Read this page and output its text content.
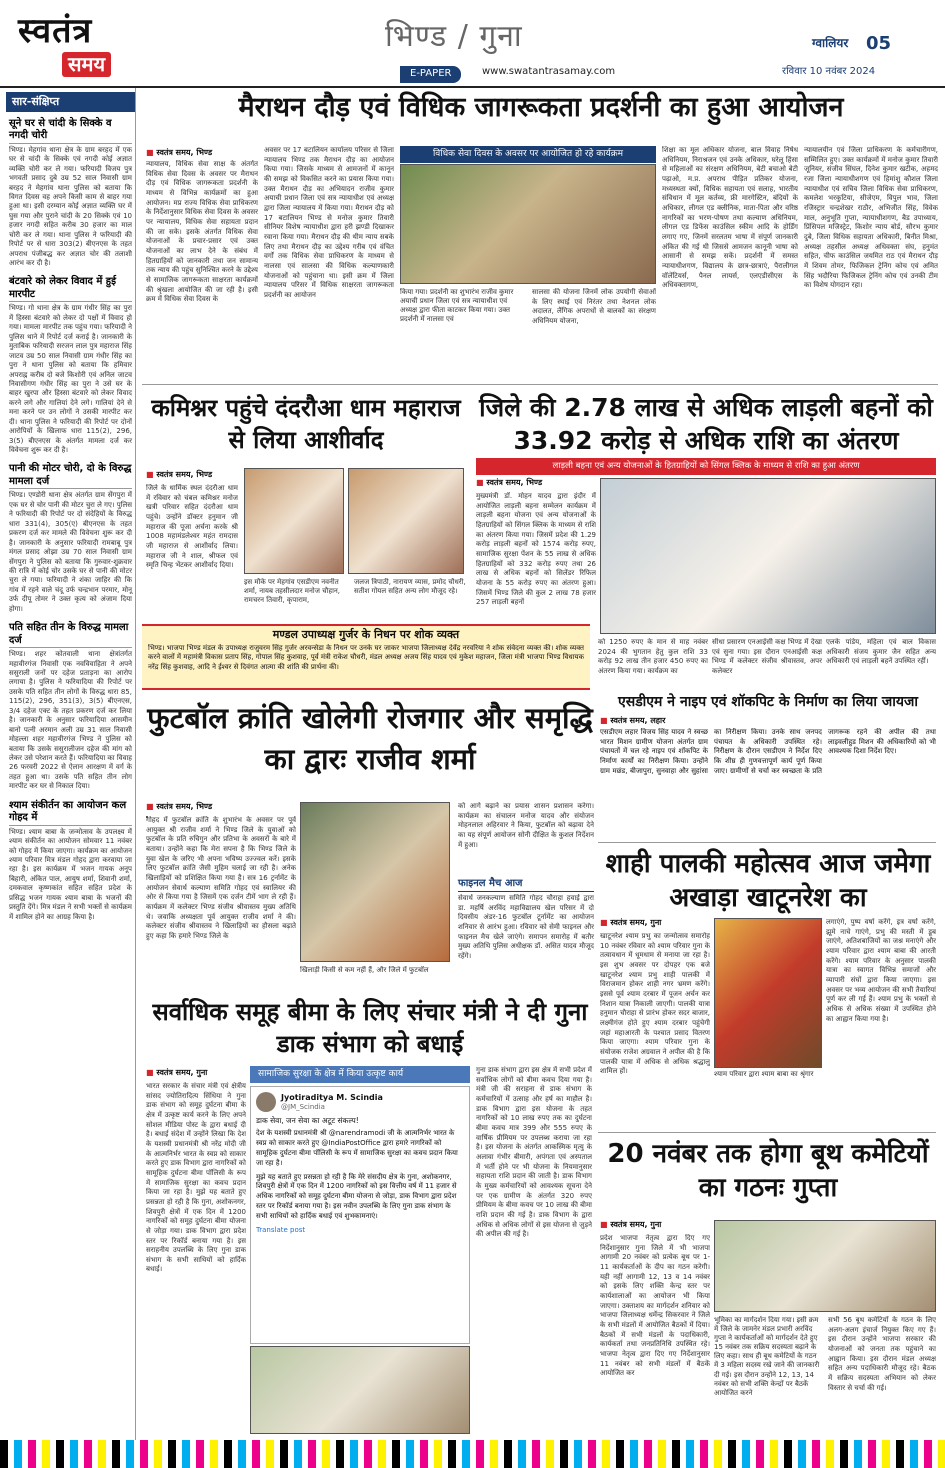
स्वतंत्र
समय
भिण्ड / गुना
E-PAPER	www.swatantrasamay.com
ग्वालियर 05
रविवार 10 नवंबर 2024
सार-संक्षिप्त
सूने घर से चांदी के सिक्के व नगदी चोरी
भिण्ड। मेहगांव थाना क्षेत्र के ग्राम बरहद में एक घर से चांदी के सिक्के एवं नगदी कोई अज्ञात व्यक्ति चोरी कर ले गया। फरियादी विजय पुत्र भगवती प्रसाद दुबे उम्र 52 साल निवासी ग्राम बरहद ने मेहगांव थाना पुलिस को बताया कि विगत दिवस वह अपने किसी काम से बाहर गया हुआ था। इसी दरम्यान कोई अज्ञात व्यक्ति घर में घुस गया और पुराने चांदी के 20 सिक्के एवं 10 हजार नगदी सहित करीब 30 हजार का माल चोरी कर ले गया। थाना पुलिस ने फरियादी की रिपोर्ट पर से धारा 303(2) बीएनएस के तहत अपराध पंजीबद्ध कर अज्ञात चोर की तलाशी आरंभ कर दी है।
बंटवारे को लेकर विवाद में हुई मारपीट
भिण्ड। गो थाना क्षेत्र के ग्राम गंधीर सिंह का पुरा में हिस्सा बंटवारे को लेकर दो पक्षों में विवाद हो गया। मामला मारपीट तक पहुंच गया। फरियादी ने पुलिस थाने में रिपोर्ट दर्ज कराई है। जानकारी के मुताबिक फरियादी सरजन लाल पुत्र महाराज सिंह जाटव उम्र 50 साल निवासी ग्राम गंधीर सिंह का पुरा ने थाना पुलिस को बताया कि हमिवार अपराह्न करीब दो बजे किशोरी एवं अनिल जाटव निवासीगण गंधीर सिंह का पुरा ने उसे घर के बाहर खुरपा और हिस्सा बंटवारे को लेकर विवाद करने लगे और गालियां देने लगे। गालियां देने से मना करने पर उन लोगों ने उसकी मारपीट कर दी। थाना पुलिस ने फरियादी की रिपोर्ट पर दोनों आरोपियों के खिलाफ धारा 115(2), 296, 3(5) बीएनएस के अंतर्गत मामला दर्ज कर विवेचना शुरू कर दी है।
पानी की मोटर चोरी, दो के विरुद्ध मामला दर्ज
भिण्ड। एण्डोरी थाना क्षेत्र अंतर्गत ग्राम सेंगपुरा में एक घर से चोर पानी की मोटर चुरा ले गए। पुलिस ने फरियादी की रिपोर्ट पर दो संदेहियों के विरुद्ध धारा 331(4), 305(ए) बीएनएस के तहत प्रकरण दर्ज कर मामले की विवेचना शुरू कर दी है। जानकारी के अनुसार फरियादी रामबाबू पुत्र मंगल प्रसाद ओझा उम्र 70 साल निवासी ग्राम सेंगपुरा ने पुलिस को बताया कि गुरुवार-शुक्रवार की रात्रि में कोई चोर उसके घर से पानी की मोटर चुरा ले गया। फरियादी ने शंका जाहिर की कि गांव में रहने वाले चंदू उर्फ चन्द्रभान परमार, मोनू उर्फ दीपू तोमर ने उक्त कृत्य को अंजाम दिया होगा।
पति सहित तीन के विरुद्ध मामला दर्ज
भिण्ड। शहर कोतवाली थाना क्षेत्रांतर्गत महावीरगंज निवासी एक नवविवाहिता ने अपने ससुराली जनों पर दहेज प्रताड़ना का आरोप लगाया है। पुलिस ने फरियादिया की रिपोर्ट पर उसके पति सहित तीन लोगों के विरुद्ध धारा 85, 115(2), 296, 351(3), 3(5) बीएनएस, 3/4 दहेज एक्ट के तहत प्रकरण दर्ज कर लिया है। जानकारी के अनुसार फरियादिया आसमीन बानो पत्नी अरमान अली उम्र 31 साल निवासी मोहल्ला शहर महावीरगंज भिण्ड ने पुलिस को बताया कि उसके ससुरालीजन दहेज की मांग को लेकर उसे परेशान करते हैं। फरियादिया का विवाह 26 फरवरी 2022 से ऐलान आरक्षण में वर्ग के तहत हुआ था। उसके पति सहित तीन लोग मारपीट कर घर से निकाल दिया।
श्याम संकीर्तन का आयोजन कल गोहद में
भिण्ड। श्याम बाबा के जन्मोत्सव के उपलक्ष्य में श्याम संकीर्तन का आयोजन सोमवार 11 नवंबर को गोहद में किया जाएगा। कार्यक्रम का आयोजन श्याम परिवार मित्र मंडल गोहद द्वारा करवाया जा रहा है। इस कार्यक्रम में भजन गायक अनूप बिहारी, अंकित पाल, आयुष शर्मा, शिवानी शर्मा, दमकवाल कृष्णकांत सहित सहित प्रदेश के प्रसिद्ध भजन गायक श्याम बाबा के भजनों की प्रस्तुति देंगे। मित्र मंडल ने सभी भक्तों से कार्यक्रम में शामिल होने का आग्रह किया है।
मैराथन दौड़ एवं विधिक जागरूकता प्रदर्शनी का हुआ आयोजन
■ स्वतंत्र समय, भिण्ड
न्यायालय, विधिक सेवा साक्ष के अंतर्गत विधिक सेवा दिवस के अवसर पर मैराथन दौड़ एवं विधिक जागरूकता प्रदर्शनी के माध्यम से विभिन्न कार्यक्रमों का हुआ आयोजन। मप्र राज्य विधिक सेवा प्राधिकरण के निर्देशानुसार विधिक सेवा दिवस के अवसर पर न्यायालय, विधिक सेवा सहायता प्रदान की जा सके। इसके अंतर्गत विधिक सेवा योजनाओं के प्रचार-प्रसार एवं उक्त योजनाओं का लाभ देने के संबंध में हितग्राहियों को जानकारी तथा जन सामान्य तक न्याय की पहुंच सुनिश्चित करने के उद्देश्य से सामाजिक जागरूकता साक्षरता कार्यक्रमों की श्रृंखला आयोजित की जा रही है। इसी क्रम में विधिक सेवा दिवस के
अवसर पर 17 बटालियन कार्यालय परिसर से जिला न्यायालय भिण्ड तक मैराथन दौड़ का आयोजन किया गया। जिसके माध्यम से आमजनों में कानून की समझ को विकसित करने का प्रयास किया गया। उक्त मैराथन दौड़ का अभियादन राजीव कुमार अयाची प्रधान जिला एवं सत्र न्यायाधीश एवं अध्यक्ष द्वारा जिला न्यायालय में किया गया। मैराथन दौड़ को 17 बटालियन भिण्ड से मनोज कुमार तिवारी सीनियर विशेष न्यायाधीश द्वारा हरी झण्डी दिखाकर रवाना किया गया। मैराथन दौड़ की थीम न्याय सबके लिए तथा मैराथन दौड़ का उद्देश्य गरीब एवं वंचित वर्गों तक विधिक सेवा प्राधिकरण के माध्यम से नालसा एवं सालसा की विधिक कल्याणकारी योजनाओं को पहुंचाना था। इसी क्रम में जिला न्यायालय परिसर में विधिक साक्षरता जागरूकता प्रदर्शनी का आयोजन
विधिक सेवा दिवस के अवसर पर आयोजित हो रहे कार्यक्रम
किया गया। प्रदर्शनी का शुभारंभ राजीव कुमार अयाची प्रधान जिला एवं सत्र न्यायाधीश एवं अध्यक्ष द्वारा फीता काटकर किया गया। उक्त प्रदर्शनी में नालसा एवं
सालसा की योजना जिनमें लोक उपयोगी सेवाओं के लिए स्थाई एवं निरंतर तथा नेशनल लोक अदालत, लैंगिक अपराधों से बालकों का संरक्षण अधिनियम योजना,
शिक्षा का मूल अधिकार योजना, बाल विवाह निषेध अधिनियम, निराश्रजन एवं उनके अधिकार, घरेलू हिंसा से महिलाओं का संरक्षण अधिनियम, बेटी बचाओ बेटी पढ़ाओ, म.प्र. अपराध पीड़ित प्रतिकर योजना, मध्यस्थता क्यों, विधिक सहायता एवं सलाह, भारतीय संविधान में मूल कर्तव्य, फ्री मारगेस्टिन, बंदियों के अधिकार, लीगल एड क्लीनिक, माता-पिता और वरिष्ठ नागरिकों का भरण-पोषण तथा कल्याण अधिनियम, लीगल एड डिफेंस काउंसिल स्कीम आदि के होर्डिंग लगाए गए, जिनमें सरलतम भाषा में संपूर्ण जानकारी अंकित की गई थी जिससे आमजन कानूनी भाषा को आसानी से समझ सकें। प्रदर्शनी में समस्त न्यायाधीशगण, विद्यालय के छात्र-छात्राएं, पैरालीगल वॉलेंटियर्स, पैनल लायर्स, एलएडीसीएस के अधिवक्तागण,
न्यायालयीन एवं जिला प्राधिकरण के कर्मचारीगण, सम्मिलित हुए। उक्त कार्यक्रमों में मनोज कुमार तिवारी जूनियर, संजीव सिंघल, दिनेश कुमार खटीक, अहमद रजा जिला न्यायाधीशगण एवं हिमांशु कौशल जिला न्यायाधीश एवं सचिव जिला विधिक सेवा प्राधिकरण, कमलेश भरकुटिया, सीजेएम, विपुल भाव, जिला रजिस्ट्रार चन्द्रशेखर राठौर, अभिजीत सिंह, विवेक माल, अनुभूति गुप्ता, न्यायाधीशगण, बैड उपाध्याय, प्रिंसिपल मजिस्ट्रेट, किशोर न्याय बोर्ड, सौरभ कुमार दुबे, जिला विधिक सहायता अधिकारी, बिनीत मिश्रा, अध्यक्ष तहसील अध्यक्ष अधिवक्ता संघ, हनुमंत सहित, चीफ काउंसिल जयमित राठ एवं मैराथन दौड़ में शिवम तोमर, फिजिकल ट्रेनिंग कोच एवं अमित सिंह भदौरिया फिजिकल ट्रेनिंग कोच एवं उनकी टीम का विशेष योगदान रहा।
कमिश्नर पहुंचे दंदरौआ धाम महाराज से लिया आशीर्वाद
■ स्वतंत्र समय, भिण्ड
जिले के धार्मिक स्थल दंदरौआ धाम में रविवार को चंबल कमिश्नर मनोज खत्री परिवार सहित दंदरौआ धाम पहुंचे। उन्होंने डॉक्टर हनुमान जी महाराज की पूजा अर्चना करके श्री 1008 महामंडलेश्वर महंत रामदास जी महाराज से आशीर्वाद लिया। महाराज जी ने शाल, श्रीफल एवं स्मृति चिन्ह भेंटकर आशीर्वाद दिया।
इस मौके पर मेहगांव एसडीएम नवनीत शर्मा, नायब तहसीलदार मनोज चौहान, रामचरन तिवारी, कृपाराम,
जलज त्रिपाठी, नारायण व्यास, प्रमोद चौधरी, सतीश गोयल सहित अन्य लोग मौजूद रहे।
जिले की 2.78 लाख से अधिक लाड़ली बहनों को 33.92 करोड़ से अधिक राशि का अंतरण
लाड़ली बहना एवं अन्य योजनाओं के हितग्राहियों को सिंगल क्लिक के माध्यम से राशि का हुआ अंतरण
■ स्वतंत्र समय, भिण्ड
मुख्यमंत्री डॉ. मोहन यादव द्वारा इंदौर में आयोजित लाड़ली बहना सम्मेलन कार्यक्रम में लाड़ली बहना योजना एवं अन्य योजनाओं के हितग्राहियों को सिंगल क्लिक के माध्यम से राशि का अंतरण किया गया। जिसमें प्रदेश की 1.29 करोड़ लाड़ली बहनों को 1574 करोड़ रुपए, सामाजिक सुरक्षा पेंशन के 55 लाख से अधिक हितग्राहियों को 332 करोड़ रुपए तथा 26 लाख से अधिक बहनों को सिलेंडर रिफिल योजना के 55 करोड़ रुपए का अंतरण हुआ। जिसमें भिण्ड जिले की कुल 2 लाख 78 हजार 257 लाड़ली बहनों
को 1250 रुपए के मान से माह नवंबर 2024 की भुगतान हेतु कुल राशि 33 करोड़ 92 लाख तीन हजार 450 रुपए का अंतरण किया गया। कार्यक्रम का
सीधा प्रसारण एनआईसी कक्ष भिण्ड में देखा एवं सुना गया। इस दौरान एनआईसी कक्ष भिण्ड में कलेक्टर संजीव श्रीवास्तव, अपर कलेक्टर
एलके पांडेय, महिला एवं बाल विकास अधिकारी संजय कुमार जैन सहित अन्य अधिकारी एवं लाड़ली बहनें उपस्थित रहीं।
मण्डल उपाध्यक्ष गुर्जर के निधन पर शोक व्यक्त
भिण्ड। भाजपा भिण्ड मंडल के उपाध्यक्ष राजुवरम सिंह गुर्जर अरवन्सेडा के निधन पर उनके घर जाकर भाजपा जिलाध्यक्ष देवेंद्र नरवरिया ने शोक संवेदना व्यक्त की। शोक व्यक्त करने वालों में महामंत्री विकास प्रताप सिंह, गोपाल सिंह कुशवाह, पूर्व मंत्री राकेश चौधरी, मंडल अध्यक्ष अजय सिंह यादव एवं मुकेश महाजन, जिला मंत्री भाजपा भिण्ड विधायक नरेंद्र सिंह कुशवाह, आदि ने ईश्वर से दिवंगत आत्मा की शांति की प्रार्थना की।
फुटबॉल क्रांति खोलेगी रोजगार और समृद्धि का द्वारः राजीव शर्मा
■ स्वतंत्र समय, भिण्ड
गोहद में फुटबॉल क्रांति के शुभारंभ के अवसर पर पूर्व आयुक्त श्री राजीव शर्मा ने भिण्ड जिले के युवाओं को फुटबॉल के प्रति रुचिगुन और प्रतिभा के अवसरों के बारे में बताया। उन्होंने कहा कि मेरा सपना है कि भिण्ड जिले के युवा खेल के जरिए भी अपना भविष्य उज्ज्वल करें। इसके लिए फुटबॉल क्रांति जैसी मुहिम चलाई जा रही है। अनेक खिलाड़ियों को प्रशिक्षित किया गया है। सत्र 16 ट्रर्नामेंट के आयोजन सेवार्थ कल्याण समिति गोहद एवं स्वालियर की ओर से किया गया है जिसमें एक दर्जन टीमें भाग ले रही हैं। कार्यक्रम में कलेक्टर भिण्ड संजीव श्रीवास्तव मुख्य अतिथि थे। जवाकि अध्यक्षता पूर्व आयुक्त राजीव शर्मा ने की। कलेक्टर संजीव श्रीवास्तव ने खिलाड़ियों का हौसला बढ़ाते हुए कहा कि हमारे भिण्ड जिले के
खिलाड़ी किसी से कम नहीं हैं, और जिले में फुटबॉल
को आगे बढ़ाने का प्रयास शासन प्रशासन करेगा। कार्यक्रम का संचालन मनोज यादव और संयोजन मोहनलाल अहिरवार ने किया, फुटबॉल को बढ़ावा देने का यह संपूर्ण आयोजन सोनी दीक्षित के कुशल निर्देशन में हुआ।
फाइनल मैच आज
सेवार्थ जनकल्याण समिति गोहद चौराहा हवाई द्वारा डा. महर्षि अरविंद महाविद्यालय खेल परिसर में दो दिवसीय अंडर-16 फुटबॉल टूर्नामेंट का आयोजन शनिवार से आरंभ हुआ। रविवार को सेमी फाइनल और फाइनल मैच खेले जाएंगे। समापन समारोह में बतौर मुख्य अतिथि पुलिस अधीक्षक डॉ. असित यादव मौजूद रहेंगे।
एसडीएम ने नाइप एवं शॉकपिट के निर्माण का लिया जायजा
■ स्वतंत्र समय, लहार
एसडीएम लहार विजय सिंह यादव ने स्वच्छ भारत मिशन ग्रामीण योजना अंतर्गत ग्राम पंचायतों में चल रहे नाइप एवं शॉकपिट के निर्माण कार्यों का निरीक्षण किया। उन्होंने ग्राम मछंड, बीजापुरा, सुनवाहा और सुहांसा का निरीक्षण किया। उनके साथ जनपद पंचायत के अधिकारी उपस्थित रहे। निरीक्षण के दौरान एसडीएम ने निर्देश दिए कि शीघ्र ही गुणवत्तापूर्ण कार्य पूर्ण किया जाए। ग्रामीणों से चर्चा कर स्वच्छता के प्रति जागरूक रहने की अपील की तथा लाइवलीहुड मिशन की अधिकारियों को भी आवश्यक दिशा निर्देश दिए।
शाही पालकी महोत्सव आज जमेगा अखाड़ा खाटूनरेश का
■ स्वतंत्र समय, गुना
खाटूनरेश श्याम प्रभु का जन्मोत्सव समारोह 10 नवंबर रविवार को श्याम परिवार गुना के तत्वावधान में धूमधाम से मनाया जा रहा है। इस शुभ अवसर पर दोपहर एक बजे खाटूनरेश श्याम प्रभु शाही पालकी में विराजमान होकर शाही नगर भ्रमण करेंगे। इससे पूर्व श्याम दरबार में पूजन अर्चन कर निशान यात्रा निकाली जाएगी। पालकी यात्रा हनुमान चौराहा से प्रारंभ होकर सदर बाजार, लक्ष्मीगंज होते हुए श्याम दरबार पहुंचेगी जहां महाआरती के पश्चात प्रसाद वितरण किया जाएगा। श्याम परिवार गुना के संयोजक राजेश अग्रवाल ने अपील की है कि पालकी यात्रा में अधिक से अधिक श्रद्धालु शामिल हों।	श्याम परिवार द्वारा श्याम बाबा का श्रृंगार
लगाएंगे, पुष्प वर्षा करेंगे, इत्र वर्षा करेंगे, झूमे नाचे गाएंगे, प्रभु की मस्ती में डूब जाएंगे, अतिशबाजियों का जश्न मनाएंगे और श्याम परिवार द्वारा श्याम बाबा की आरती करेंगे। श्याम परिवार के अनुसार पालकी यात्रा का स्वागत विभिन्न समाजों और व्यापारी संघों द्वारा किया जाएगा। इस अवसर पर भव्य आयोजन की सभी तैयारियां पूर्ण कर ली गई हैं। श्याम प्रभु के भक्तों से अधिक से अधिक संख्या में उपस्थित होने का आह्वान किया गया है।
सर्वाधिक समूह बीमा के लिए संचार मंत्री ने दी गुना डाक संभाग को बधाई
■ स्वतंत्र समय, गुना
भारत सरकार के संचार मंत्री एवं क्षेत्रीय सांसद ज्योतिरादित्य सिंधिया ने गुना डाक संभाग को समूह दुर्घटना बीमा के क्षेत्र में उत्कृष्ट कार्य करने के लिए अपने सोशल मीडिया पोस्ट के द्वारा बधाई दी है। बधाई संदेश में उन्होंने लिखा कि देश के यशस्वी प्रधानमंत्री श्री नरेंद्र मोदी जी के आत्मनिर्भर भारत के स्वप्न को साकार करते हुए डाक विभाग द्वारा नागरिकों को सामूहिक दुर्घटना बीमा पॉलिसी के रूप में सामाजिक सुरक्षा का कवच प्रदान किया जा रहा है। मुझे यह बताते हुए प्रसन्नता हो रही है कि गुना, अशोकनगर, शिवपुरी क्षेत्रों में एक दिन में 1200 नागरिकों को समूह दुर्घटना बीमा योजना से जोड़ा गया। डाक विभाग द्वारा प्रदेश स्तर पर रिकॉर्ड बनाया गया है। इस सराहनीय उपलब्धि के लिए गुना डाक संभाग के सभी साथियों को हार्दिक बधाई।
सामाजिक सुरक्षा के क्षेत्र में किया उत्कृष्ट कार्य
Jyotiraditya M. Scindia
@JM_Scindia
डाक सेवा, जन सेवा का अटूट संकल्प!
देश के यशस्वी प्रधानमंत्री श्री @narendramodi जी के आत्मनिर्भर भारत के स्वप्न को साकार करते हुए @IndiaPostOffice द्वारा हमारे नागरिकों को सामूहिक दुर्घटना बीमा पॉलिसी के रूप में सामाजिक सुरक्षा का कवच प्रदान किया जा रहा है।
मुझे यह बताते हुए प्रसन्नता हो रही है कि मेरे संसदीय क्षेत्र के गुना, अशोकनगर, शिवपुरी क्षेत्रों में एक दिन में 1200 नागरिकों को इस वित्तीय वर्ष में 11 हजार से अधिक नागरिकों को समूह दुर्घटना बीमा योजना से जोड़ा, डाक विभाग द्वारा प्रदेश स्तर पर रिकॉर्ड बनाया गया है। इस नवीन उपलब्धि के लिए गुना डाक संभाग के सभी साथियों को हार्दिक बधाई एवं शुभकामनाएं।
Translate post
गुना डाक संभाग द्वारा इस क्षेत्र में सभी प्रदेश में सर्वाधिक लोगों को बीमा कवच दिया गया है। मंत्री जी की सराहना से डाक संभाग के कर्मचारियों में उत्साह और हर्ष का माहौल है। डाक विभाग द्वारा इस योजना के तहत नागरिकों को 10 लाख रुपए तक का दुर्घटना बीमा कवच मात्र 399 और 555 रुपए के वार्षिक प्रीमियम पर उपलब्ध कराया जा रहा है। इस योजना के अंतर्गत आकस्मिक मृत्यु के अलावा गंभीर बीमारी, अपंगता एवं अस्पताल में भर्ती होने पर भी योजना के नियमानुसार सहायता राशि प्रदान की जाती है। डाक विभाग के मुख्य कर्मचारियों को आवश्यक सूचना देने पर एक ग्रामीण के अंतर्गत 320 रुपए प्रीमियम के बीमा कवच पर 10 लाख की बीमा राशि प्रदान की गई है। डाक विभाग के द्वारा अधिक से अधिक लोगों से इस योजना से जुड़ने की अपील की गई है।
20 नवंबर तक होगा बूथ कमेटियों का गठनः गुप्ता
■ स्वतंत्र समय, गुना
प्रदेश भाजपा नेतृत्व द्वारा दिए गए निर्देशानुसार गुना जिले में भी भाजपा आगामी 20 नवंबर को प्रत्येक बूथ पर 1-11 कार्यकर्ताओं के दीप का गठन करेगी। यही नहीं आगामी 12, 13 व 14 नवंबर को इसके लिए शक्ति केन्द्र स्तर पर कार्यशालाओं का आयोजन भी किया जाएगा। उक्ताशय का मार्गदर्शन शनिवार को भाजपा जिलाध्यक्ष धर्मेन्द्र सिकरवार ने जिले के सभी मंडलों में आयोजित बैठकों में दिया। बैठकों में सभी मंडलों के पदाधिकारी, कार्यकर्ता तथा जनप्रतिनिधि उपस्थित रहे। भाजपा नेतृत्व द्वारा दिए गए निर्देशानुसार 11 नवंबर को सभी मंडलों में बैठकें आयोजित कर
भूमिका का मार्गदर्शन दिया गया। इसी क्रम में जिले के जामनेर मंडल प्रभारी अरविंद गुप्ता ने कार्यकर्ताओं को मार्गदर्शन देते हुए 15 नवंबर तक सक्रिय सदस्यता बढ़ाने के लिए कहा। साथ ही बूथ कमेटियों के गठन में 3 महिला सदस्य रखे जाने की जानकारी दी गई। इस दौरान उन्होंने 12, 13, 14 नवंबर को सभी शक्ति केन्द्रों पर बैठकें आयोजित करने
सभी 56 बूथ कमेटियों के गठन के लिए अलग-अलग इंचार्ज नियुक्त किए गए हैं। इस दौरान उन्होंने भाजपा सरकार की योजनाओं को जनता तक पहुंचाने का आह्वान किया। इस दौरान मंडल अध्यक्ष सहित अन्य पदाधिकारी मौजूद रहे। बैठक में सक्रिय सदस्यता अभियान को लेकर विस्तार से चर्चा की गई।
